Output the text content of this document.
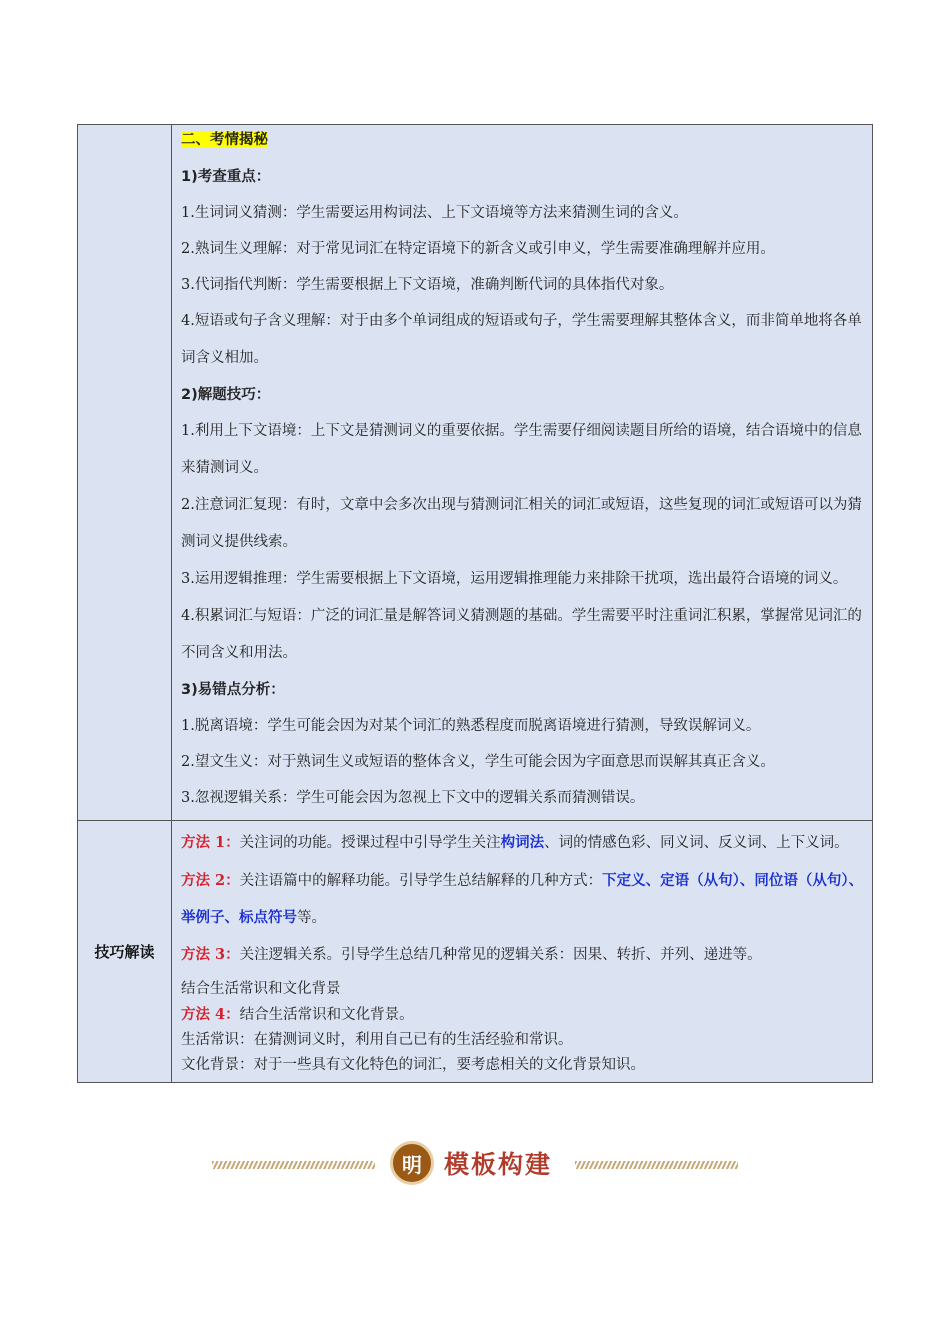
二、考情揭秘

1)考查重点：

1.生词词义猜测：学生需要运用构词法、上下文语境等方法来猜测生词的含义。

2.熟词生义理解：对于常见词汇在特定语境下的新含义或引申义，学生需要准确理解并应用。

3.代词指代判断：学生需要根据上下文语境，准确判断代词的具体指代对象。

4.短语或句子含义理解：对于由多个单词组成的短语或句子，学生需要理解其整体含义，而非简单地将各单词含义相加。

2)解题技巧：

1.利用上下文语境：上下文是猜测词义的重要依据。学生需要仔细阅读题目所给的语境，结合语境中的信息来猜测词义。

2.注意词汇复现：有时，文章中会多次出现与猜测词汇相关的词汇或短语，这些复现的词汇或短语可以为猜测词义提供线索。

3.运用逻辑推理：学生需要根据上下文语境，运用逻辑推理能力来排除干扰项，选出最符合语境的词义。

4.积累词汇与短语：广泛的词汇量是解答词义猜测题的基础。学生需要平时注重词汇积累，掌握常见词汇的不同含义和用法。

3)易错点分析：

1.脱离语境：学生可能会因为对某个词汇的熟悉程度而脱离语境进行猜测，导致误解词义。

2.望文生义：对于熟词生义或短语的整体含义，学生可能会因为字面意思而误解其真正含义。

3.忽视逻辑关系：学生可能会因为忽视上下文中的逻辑关系而猜测错误。

技巧解读

方法 1：关注词的功能。授课过程中引导学生关注构词法、词的情感色彩、同义词、反义词、上下义词。

方法 2：关注语篇中的解释功能。引导学生总结解释的几种方式：下定义、定语（从句）、同位语（从句）、举例子、标点符号等。

方法 3：关注逻辑关系。引导学生总结几种常见的逻辑关系：因果、转折、并列、递进等。

结合生活常识和文化背景

方法 4：结合生活常识和文化背景。

生活常识：在猜测词义时，利用自己已有的生活经验和常识。

文化背景：对于一些具有文化特色的词汇，要考虑相关的文化背景知识。

明 模板构建
